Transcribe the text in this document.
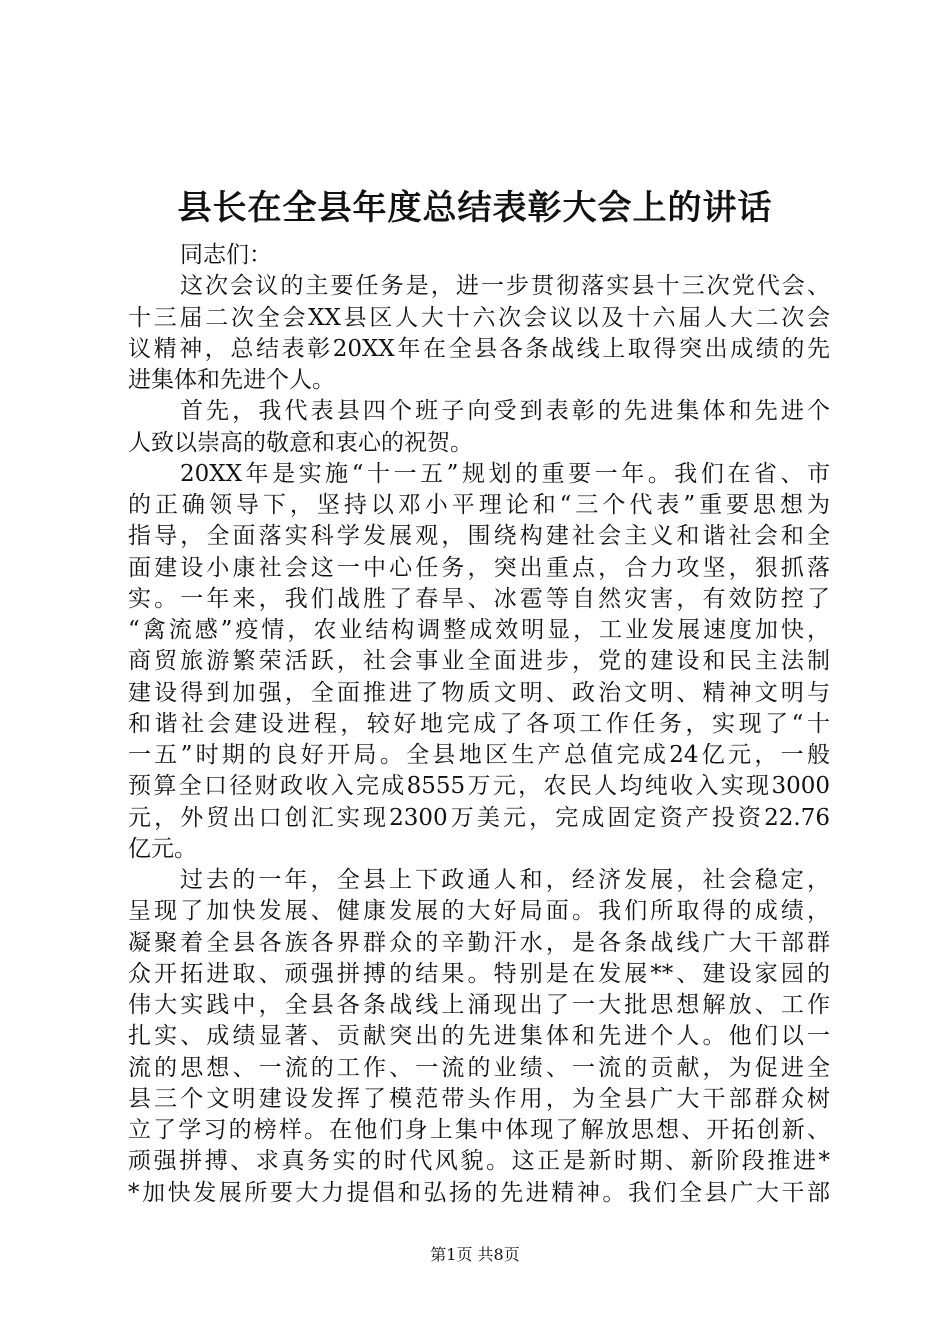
县长在全县年度总结表彰大会上的讲话
同志们：
这次会议的主要任务是，进一步贯彻落实县十三次党代会、
十三届二次全会XX县区人大十六次会议以及十六届人大二次会
议精神，总结表彰20XX年在全县各条战线上取得突出成绩的先
进集体和先进个人。
首先，我代表县四个班子向受到表彰的先进集体和先进个
人致以崇高的敬意和衷心的祝贺。
20XX年是实施“十一五”规划的重要一年。我们在省、市
的正确领导下，坚持以邓小平理论和“三个代表”重要思想为
指导，全面落实科学发展观，围绕构建社会主义和谐社会和全
面建设小康社会这一中心任务，突出重点，合力攻坚，狠抓落
实。一年来，我们战胜了春旱、冰雹等自然灾害，有效防控了
“禽流感”疫情，农业结构调整成效明显，工业发展速度加快，
商贸旅游繁荣活跃，社会事业全面进步，党的建设和民主法制
建设得到加强，全面推进了物质文明、政治文明、精神文明与
和谐社会建设进程，较好地完成了各项工作任务，实现了“十
一五”时期的良好开局。全县地区生产总值完成24亿元，一般
预算全口径财政收入完成8555万元，农民人均纯收入实现3000
元，外贸出口创汇实现2300万美元，完成固定资产投资22.76
亿元。
过去的一年，全县上下政通人和，经济发展，社会稳定，
呈现了加快发展、健康发展的大好局面。我们所取得的成绩，
凝聚着全县各族各界群众的辛勤汗水，是各条战线广大干部群
众开拓进取、顽强拼搏的结果。特别是在发展**、建设家园的
伟大实践中，全县各条战线上涌现出了一大批思想解放、工作
扎实、成绩显著、贡献突出的先进集体和先进个人。他们以一
流的思想、一流的工作、一流的业绩、一流的贡献，为促进全
县三个文明建设发挥了模范带头作用，为全县广大干部群众树
立了学习的榜样。在他们身上集中体现了解放思想、开拓创新、
顽强拼搏、求真务实的时代风貌。这正是新时期、新阶段推进*
*加快发展所要大力提倡和弘扬的先进精神。我们全县广大干部
第1页 共8页
